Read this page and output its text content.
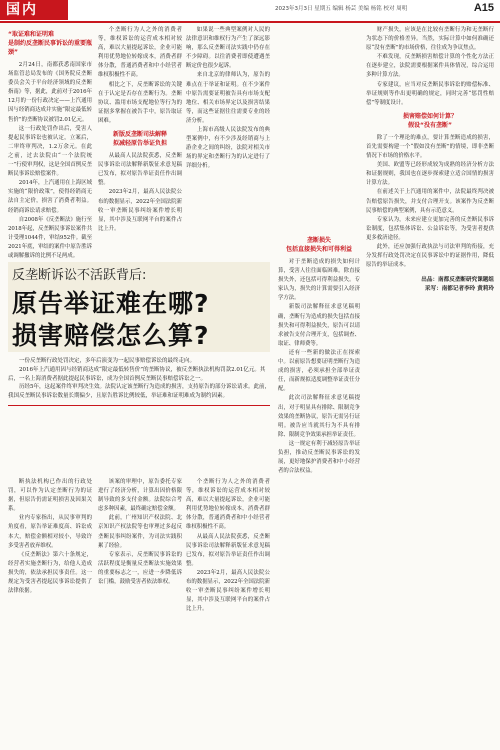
国内	2023年3月3日 星期五 编辑 杨芸 美编 杨铭 校对 周明	A15
“取证难和证明难
是制约反垄断民事诉讼的重要瓶颈”

2月24日，南都获悉南国家市场监管总局发布的《国务院反垄断委员会关于平台经济领域的反垄断指南》等，据此，此前对于2016年12月的一份行政决定——上汽通用因与经销商达成并实施“限定最低转售价”的垄断协议被罚2.01亿元。

这一行政处罚作出后，受害人提起民事诉讼也被认定，立案后，二审终审判决，1.2万余元。在此之前，过去法院由“一个法院统一”行使审判权，这是全国首例反垄断民事诉讼赔偿案件。

2014年，上汽通用在上海区域实施的“限价政策”，使得经销商无法自主定价，损害了消费者利益。经销商诉讼请求赔偿。

自2008年《反垄断法》施行至2018年起，反垄断民事诉讼案件共计受理1044件，审结952件。截至2021年底，审结的案件中原告胜诉或调解撤诉的比例不足两成。

个垄断行为人之外的消费者等，维权诉讼的运营成本相对较高，难以大量提起诉讼，企业可能利用优势地位转嫁成本，消费者群体分散，普通消费者和中小经营者维权积极性不高。

相比之下，反垄断诉讼的关键在于认定是否存在垄断行为。垄断协议、滥用市场支配地位等行为的证据多掌握在被告手中，原告取证困难。

新版反垄断司法解释
拟减轻原告举证负担

从最高人民法院获悉，反垄断民事诉讼司法解释新版征求意见稿已发布，拟对原告举证责任作出调整。

2023年2月，最高人民法院公布的数据显示，2022年全国法院新收一审垄断民事纠纷案件增长明显，其中涉及互联网平台的案件占比上升。

如果说一些典型案例对人民的法律意识和维权行为产生了深远影响，那么反垄断司法实践中仍存在不少障碍。以往消费者即使遭遇垄断定价也很少起诉。

来自北京的律师认为，原告的难点在于举证和证明。在不少案件中原告需要证明被告具有市场支配地位、相关市场界定以及损害结果等，而这些证据往往需要专业的经济分析。

上海市高级人民法院发布的典型案例中，有不少涉及经销商与上游企业之间的纠纷，法院对相关市场的界定和垄断行为的认定进行了详细分析。

垄断损失
包括直接损失和可得利益

对于垄断造成的损失如何计算，受害人往往面临困难。除直接损失外，还包括可得利益损失。专家认为，损失的计算需要引入经济学方法。

新版司法解释征求意见稿明确，垄断行为造成的损失包括直接损失和可得利益损失，原告可以请求被告支付合理开支，包括调查、取证、律师费等。

还有一些新的做法正在探索中。以前原告想要证明垄断行为造成的损害，必须承担全部举证责任，而新规拟适度调整举证责任分配。

此次司法解释征求意见稿提出，对于明显具有排除、限制竞争效果的垄断协议，原告无需另行证明。被告应当就其行为不具有排除、限制竞争效果承担举证责任。

这一规定有利于减轻原告举证负担，推动反垄断民事诉讼的发展，更好地保护消费者和中小经营者的合法权益。

财产损失，应该是在比较有垄断行为和无垄断行为状态下的价格差异。当然，实际计算中如何准确还原“没有垄断”的市场价格，往往成为争议焦点。

不难发现，反垄断损害赔偿计算的个性化方法正在逐步建立，法院需要根据案件具体情况，综合运用多种计算方法。

专家建议，应当对反垄断民事诉讼的赔偿标准、举证规则等作出更明确的规定，同时完善“惩罚性赔偿”等制度设计。

损害赔偿如何计算？
假设“没有垄断”

除了一个理论的难点，要计算垄断造成的损害，首先需要构建一个“假如没有垄断”的情境，即非垄断情况下市场的价格水平。

美国、欧盟等已经形成较为成熟的经济分析方法和证据规则，我国也在逐步探索建立适合国情的损害计算方法。

在前述关于上汽通用的案件中，法院最终判决被告赔偿原告损失，并支付合理开支。该案作为反垄断民事赔偿的典型案例，具有示范意义。

专家认为，未来应建立更加完善的反垄断民事诉讼制度，包括集体诉讼、公益诉讼等，为受害者提供更多救济途径。

此外，还应加强行政执法与司法审判的衔接，充分发挥行政处罚决定在民事诉讼中的证据作用，降低原告的举证成本。

出品：南都反垄断研究课题组
采写：南都记者李玲 黄莉玲
反垄断诉讼不活跃背后:
原告举证难在哪?
损害赔偿怎么算?

一份反垄断行政处罚决定，多年后演变为一起民事赔偿诉讼的最终走向。

2016年上汽通用因与经销商达成“限定最低转售价”的垄断协议，被反垄断执法机构罚款2.01亿元。其后，一名上海消费者据此提起民事诉讼，成为全国首例反垄断民事赔偿诉讼之一。

历经5年，这起案件终审判决生效。法院认定该垄断行为造成的损害，支持原告的部分诉讼请求。此前，我国反垄断民事诉讼数量长期偏少，且原告胜诉比例较低，举证难和证明难成为制约因素。

断执法机构已作出的行政处罚，可以作为认定垄断行为的证据，但原告仍需证明损害及因果关系。

业内专家指出，从民事审判的角度看，原告举证难度高、诉讼成本大，赔偿金额相对较小，导致许多受害者放弃维权。

《反垄断法》第六十条规定，经营者实施垄断行为，给他人造成损失的，依法承担民事责任。这一规定为受害者提起民事诉讼提供了法律依据。

该案的审理中，原告委托专家进行了经济分析，计算出因价格限制导致的多支付金额。法院综合考虑多种因素，最终确定赔偿金额。

此前，广州知识产权法院、北京知识产权法院等也审理过多起反垄断民事纠纷案件，为司法实践积累了经验。

专家表示，反垄断民事诉讼的活跃程度是衡量反垄断法实施效果的重要标志之一，应进一步降低诉讼门槛，鼓励受害者依法维权。

个垄断行为人之外的消费者等，维权诉讼的运营成本相对较高，难以大量提起诉讼，企业可能利用优势地位转嫁成本，消费者群体分散，普通消费者和中小经营者维权积极性不高。

从最高人民法院获悉，反垄断民事诉讼司法解释新版征求意见稿已发布，拟对原告举证责任作出调整。

2023年2月，最高人民法院公布的数据显示，2022年全国法院新收一审垄断民事纠纷案件增长明显，其中涉及互联网平台的案件占比上升。
